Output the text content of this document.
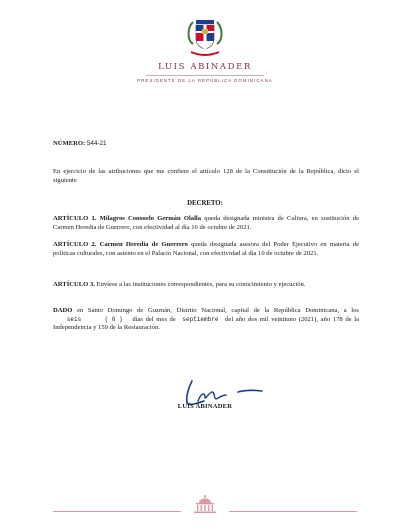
LUIS ABINADER
PRESIDENTE DE LA REPÚBLICA DOMINICANA
NÚMERO: 544-21
En ejercicio de las atribuciones que me confiere el artículo 128 de la Constitución de la República, dicto el siguiente
DECRETO:
ARTÍCULO 1. Milagros Consuelo Germán Olalla queda designada ministra de Cultura, en sustitución de Carmen Heredia de Guerrero, con efectividad al día 10 de octubre de 2021.
ARTÍCULO 2. Carmen Heredia de Guerrero queda designada asesora del Poder Ejecutivo en materia de políticas culturales, con asiento en el Palacio Nacional, con efectividad al día 10 de octubre de 2021.
ARTÍCULO 3. Envíese a las instituciones correspondientes, para su conocimiento y ejecución.
DADO en Santo Domingo de Guzmán, Distrito Nacional, capital de la República Dominicana, a los seis	( 6 ) días del mes de septiembre del año dos mil veintiuno (2021), año 178 de la Independencia y 159 de la Restauración.
LUIS ABINADER
